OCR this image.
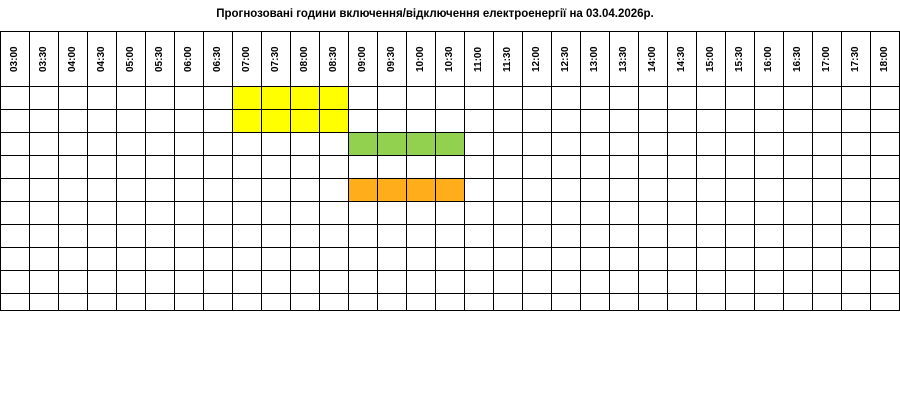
Прогнозовані години включення/відключення електроенергії на 03.04.2026р.
03:00	03:30	04:00	04:30	05:00	05:30	06:00	06:30	07:00	07:30	08:00	08:30	09:00	09:30	10:00	10:30	11:00	11:30	12:00	12:30	13:00	13:30	14:00	14:30	15:00	15:30	16:00	16:30	17:00	17:30	18:00
